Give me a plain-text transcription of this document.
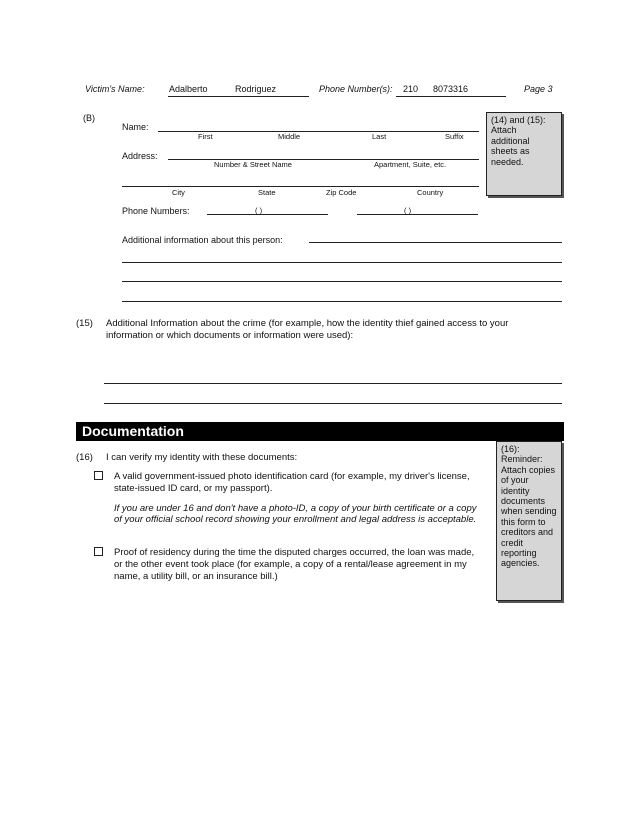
Victim's Name:	Adalberto	Rodriguez	Phone Number(s): 210 8073316	Page 3
(B)
Name:
First	Middle	Last	Suffix
Address:
Number & Street Name	Apartment, Suite, etc.
City	State	Zip Code	Country
Phone Numbers:	( )	( )
Additional information about this person:
(14) and (15): Attach additional sheets as needed.
(15) Additional Information about the crime (for example, how the identity thief gained access to your
information or which documents or information were used):
Documentation
(16) I can verify my identity with these documents:
A valid government-issued photo identification card (for example, my driver's license,
state-issued ID card, or my passport).
If you are under 16 and don't have a photo-ID, a copy of your birth certificate or a copy
of your official school record showing your enrollment and legal address is acceptable.
Proof of residency during the time the disputed charges occurred, the loan was made,
or the other event took place (for example, a copy of a rental/lease agreement in my
name, a utility bill, or an insurance bill.)
(16): Reminder: Attach copies of your identity documents when sending this form to creditors and credit reporting agencies.
